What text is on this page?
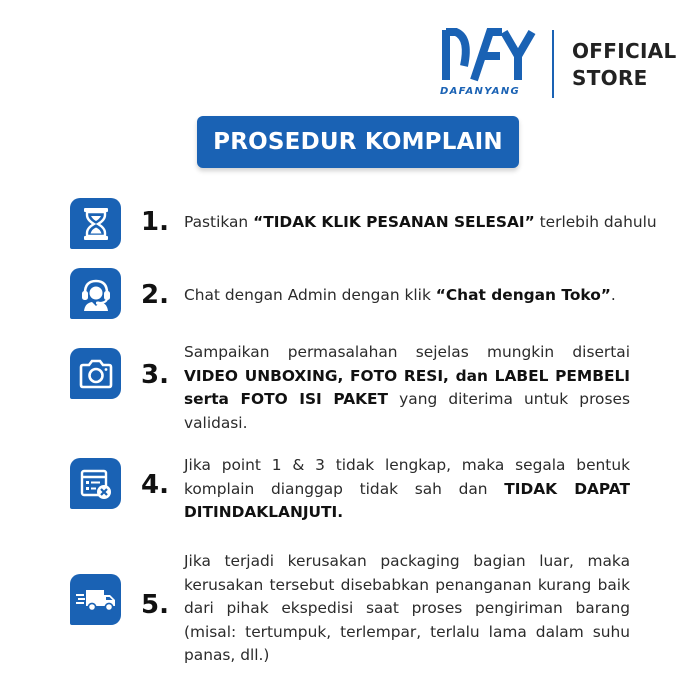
DAFANYANG
OFFICIAL
STORE
PROSEDUR KOMPLAIN
1. Pastikan “TIDAK KLIK PESANAN SELESAI” terlebih dahulu
2. Chat dengan Admin dengan klik “Chat dengan Toko”.
3.
Sampaikan permasalahan sejelas mungkin disertai VIDEO UNBOXING, FOTO RESI, dan LABEL PEMBELI serta FOTO ISI PAKET yang diterima untuk proses validasi.
4.
Jika point 1 & 3 tidak lengkap, maka segala bentuk komplain dianggap tidak sah dan TIDAK DAPAT DITINDAKLANJUTI.
5.
Jika terjadi kerusakan packaging bagian luar, maka kerusakan tersebut disebabkan penanganan kurang baik dari pihak ekspedisi saat proses pengiriman barang (misal: tertumpuk, terlempar, terlalu lama dalam suhu panas, dll.)
